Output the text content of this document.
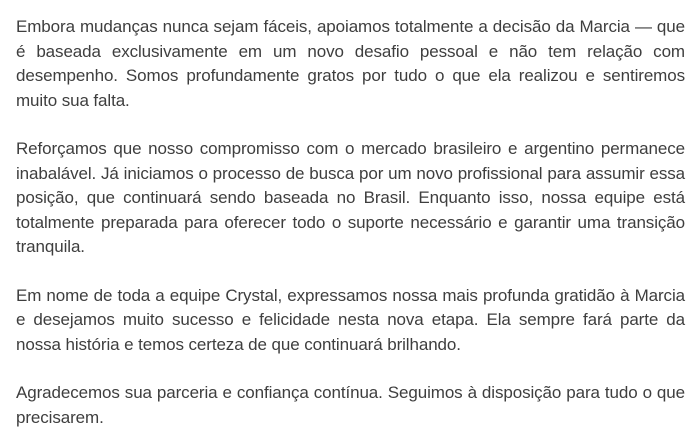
Embora mudanças nunca sejam fáceis, apoiamos totalmente a decisão da Marcia — que é baseada exclusivamente em um novo desafio pessoal e não tem relação com desempenho. Somos profundamente gratos por tudo o que ela realizou e sentiremos muito sua falta.

Reforçamos que nosso compromisso com o mercado brasileiro e argentino permanece inabalável. Já iniciamos o processo de busca por um novo profissional para assumir essa posição, que continuará sendo baseada no Brasil. Enquanto isso, nossa equipe está totalmente preparada para oferecer todo o suporte necessário e garantir uma transição tranquila.

Em nome de toda a equipe Crystal, expressamos nossa mais profunda gratidão à Marcia e desejamos muito sucesso e felicidade nesta nova etapa. Ela sempre fará parte da nossa história e temos certeza de que continuará brilhando.

Agradecemos sua parceria e confiança contínua. Seguimos à disposição para tudo o que precisarem.
